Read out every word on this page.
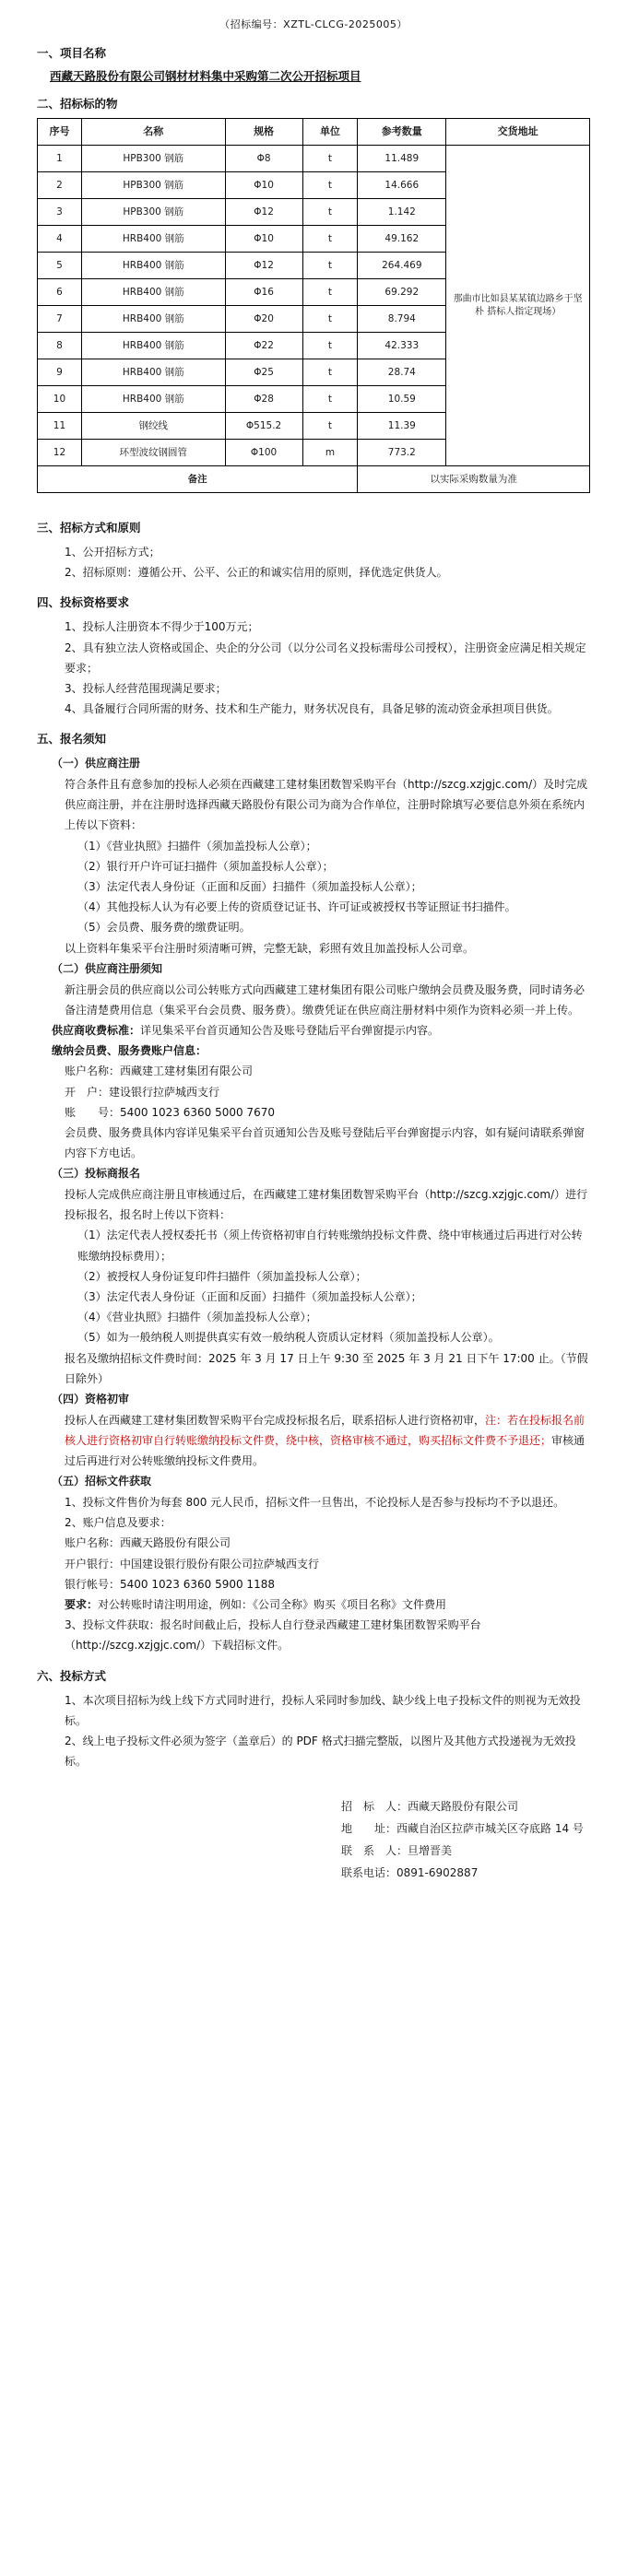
（招标编号：XZTL-CLCG-2025005）
一、项目名称
西藏天路股份有限公司钢材材料集中采购第二次公开招标项目
二、招标标的物
序号	名称	规格	单位	参考数量	交货地址
1	HPB300 钢筋	Φ8	t	11.489	那曲市比如县某某镇边路乡于坚朴 搭标人指定现场）
2	HPB300 钢筋	Φ10	t	14.666	
3	HPB300 钢筋	Φ12	t	1.142	
4	HRB400 钢筋	Φ10	t	49.162	
5	HRB400 钢筋	Φ12	t	264.469	
6	HRB400 钢筋	Φ16	t	69.292	
7	HRB400 钢筋	Φ20	t	8.794	
8	HRB400 钢筋	Φ22	t	42.333	
9	HRB400 钢筋	Φ25	t	28.74	
10	HRB400 钢筋	Φ28	t	10.59	
11	钢绞线	Φ515.2	t	11.39	
12	环型波纹钢圆管	Φ100	m	773.2	
备注				以实际采购数量为准	
三、招标方式和原则

1、公开招标方式；

2、招标原则：遵循公开、公平、公正的和诚实信用的原则，择优选定供货人。

四、投标资格要求

1、投标人注册资本不得少于100万元；

2、具有独立法人资格或国企、央企的分公司（以分公司名义投标需母公司授权），注册资金应满足相关规定要求；

3、投标人经营范围现满足要求；

4、具备履行合同所需的财务、技术和生产能力，财务状况良有，具备足够的流动资金承担项目供货。

五、报名须知
（一）供应商注册

符合条件且有意参加的投标人必须在西藏建工建材集团数智采购平台（http://szcg.xzjgjc.com/）及时完成供应商注册，并在注册时选择西藏天路股份有限公司为商为合作单位，注册时除填写必要信息外须在系统内上传以下资料：

（1）《营业执照》扫描件（须加盖投标人公章）；

（2）银行开户许可证扫描件（须加盖投标人公章）；

（3）法定代表人身份证（正面和反面）扫描件（须加盖投标人公章）；

（4）其他投标人认为有必要上传的资质登记证书、许可证或被授权书等证照证书扫描件。

（5）会员费、服务费的缴费证明。

以上资料年集采平台注册时须清晰可辨，完整无缺，彩照有效且加盖投标人公司章。

（二）供应商注册须知

新注册会员的供应商以公司公转账方式向西藏建工建材集团有限公司账户缴纳会员费及服务费，同时请务必备注清楚费用信息（集采平台会员费、服务费）。缴费凭证在供应商注册材料中须作为资料必须一并上传。

供应商收费标准：详见集采平台首页通知公告及账号登陆后平台弹窗提示内容。

缴纳会员费、服务费账户信息：

账户名称：西藏建工建材集团有限公司

开　户：建设银行拉萨城西支行

账　　号：5400 1023 6360 5000 7670

会员费、服务费具体内容详见集采平台首页通知公告及账号登陆后平台弹窗提示内容，如有疑问请联系弹窗内容下方电话。

（三）投标商报名

投标人完成供应商注册且审核通过后，在西藏建工建材集团数智采购平台（http://szcg.xzjgjc.com/）进行投标报名，报名时上传以下资料：

（1）法定代表人授权委托书（须上传资格初审自行转账缴纳投标文件费、绕中审核通过后再进行对公转账缴纳投标费用）；

（2）被授权人身份证复印件扫描件（须加盖投标人公章）；

（3）法定代表人身份证（正面和反面）扫描件（须加盖投标人公章）；

（4）《营业执照》扫描件（须加盖投标人公章）；

（5）如为一般纳税人则提供真实有效一般纳税人资质认定材料（须加盖投标人公章）。

报名及缴纳招标文件费时间：2025 年 3 月 17 日上午 9:30 至 2025 年 3 月 21 日下午 17:00 止。（节假日除外）

（四）资格初审

投标人在西藏建工建材集团数智采购平台完成投标报名后，联系招标人进行资格初审，注：若在投标报名前核人进行资格初审自行转账缴纳投标文件费，绕中核，资格审核不通过，购买招标文件费不予退还；审核通过后再进行对公转账缴纳投标文件费用。

（五）招标文件获取

1、投标文件售价为每套 800 元人民币，招标文件一旦售出，不论投标人是否参与投标均不予以退还。

2、账户信息及要求：

账户名称：西藏天路股份有限公司

开户银行：中国建设银行股份有限公司拉萨城西支行

银行帐号：5400 1023 6360 5900 1188

要求：对公转账时请注明用途，例如：《公司全称》购买《项目名称》文件费用

3、投标文件获取：报名时间截止后，投标人自行登录西藏建工建材集团数智采购平台（http://szcg.xzjgjc.com/）下载招标文件。

六、投标方式

1、本次项目招标为线上线下方式同时进行，投标人采同时参加线、缺少线上电子投标文件的则视为无效投标。

2、线上电子投标文件必须为签字（盖章后）的 PDF 格式扫描完整版，以图片及其他方式投递视为无效投标。

招　标　人：西藏天路股份有限公司

地　　址：西藏自治区拉萨市城关区夺底路 14 号

联　系　人：旦增晋美

联系电话：0891-6902887
